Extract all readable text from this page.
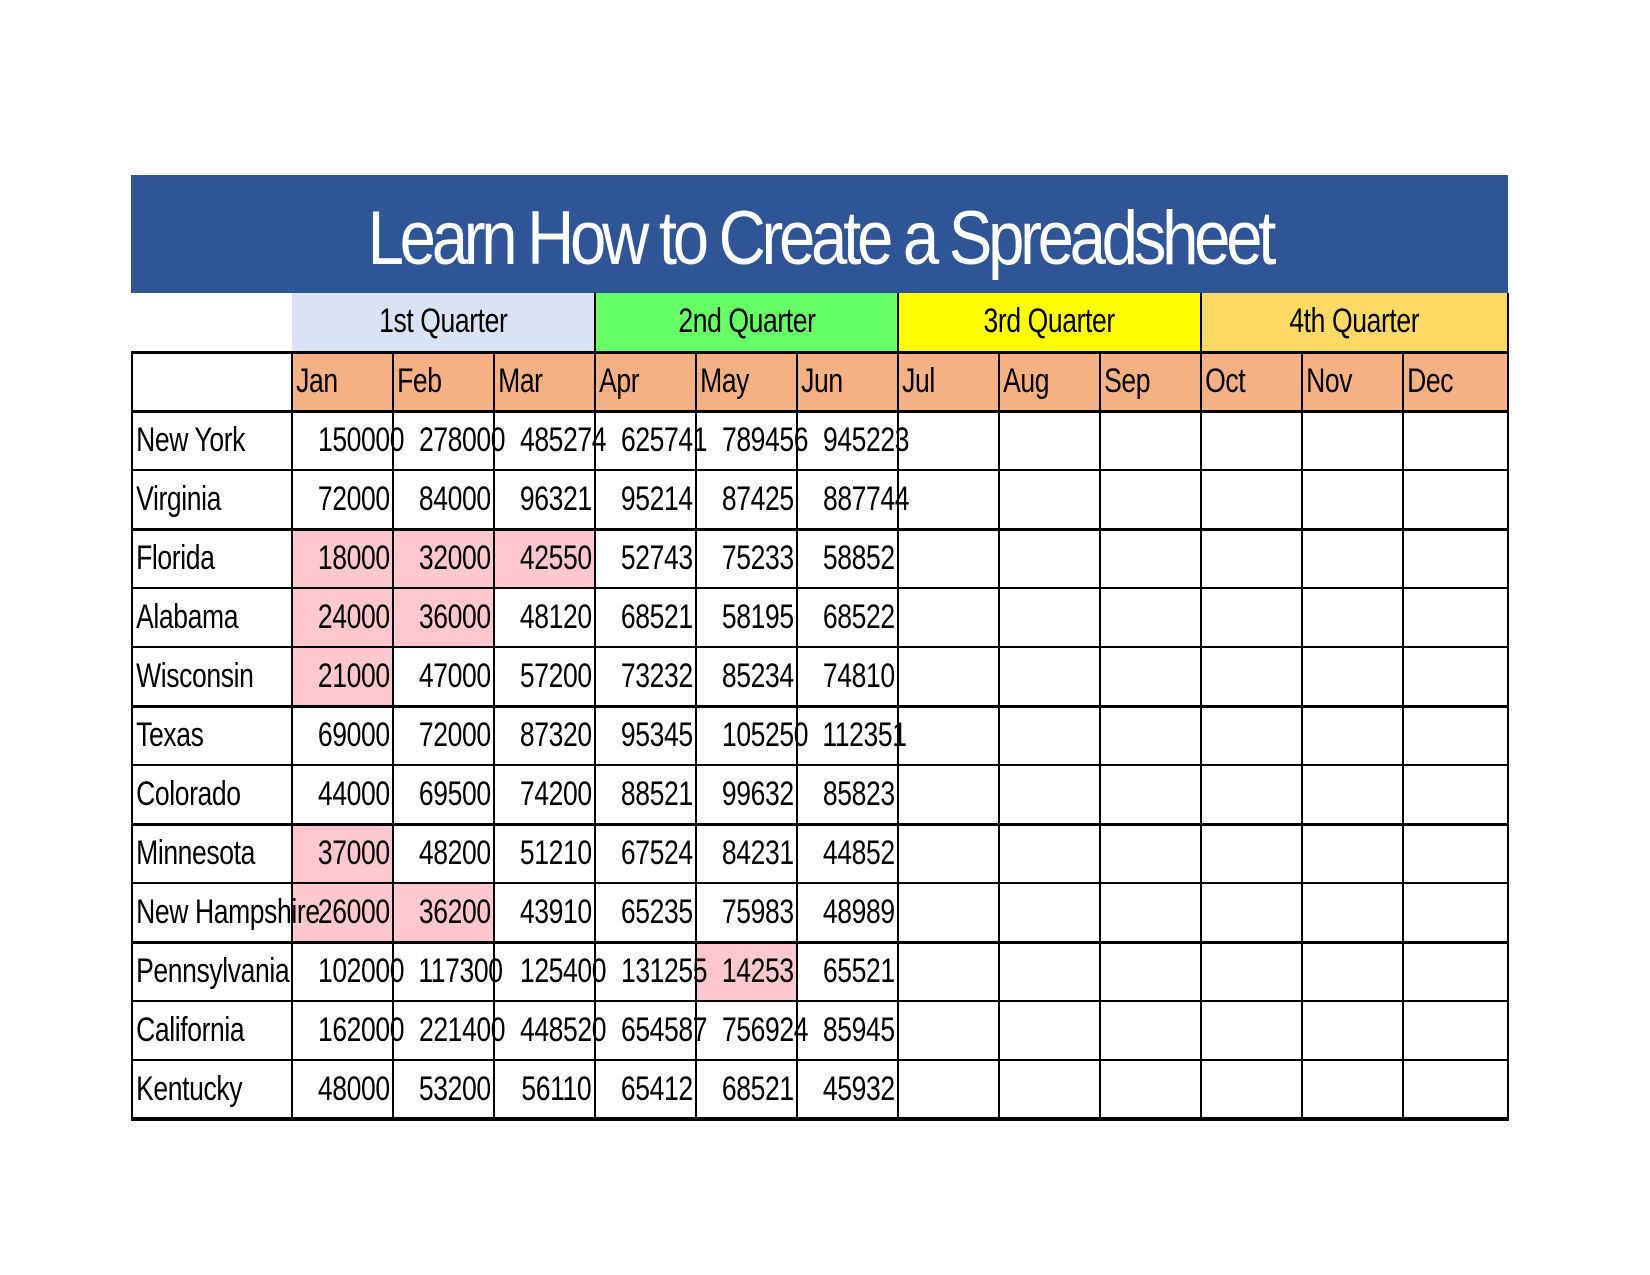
Learn How to Create a Spreadsheet
	1st Quarter			2nd Quarter			3rd Quarter			4th Quarter		
	Jan	Feb	Mar	Apr	May	Jun	Jul	Aug	Sep	Oct	Nov	Dec
New York	150000	278000	485274	625741	789456	945223						
Virginia	72000	84000	96321	95214	87425	887744						
Florida	18000	32000	42550	52743	75233	58852						
Alabama	24000	36000	48120	68521	58195	68522						
Wisconsin	21000	47000	57200	73232	85234	74810						
Texas	69000	72000	87320	95345	105250	112351						
Colorado	44000	69500	74200	88521	99632	85823						
Minnesota	37000	48200	51210	67524	84231	44852						
New Hampshire	26000	36200	43910	65235	75983	48989						
Pennsylvania	102000	117300	125400	131255	14253	65521						
California	162000	221400	448520	654587	756924	85945						
Kentucky	48000	53200	56110	65412	68521	45932						
